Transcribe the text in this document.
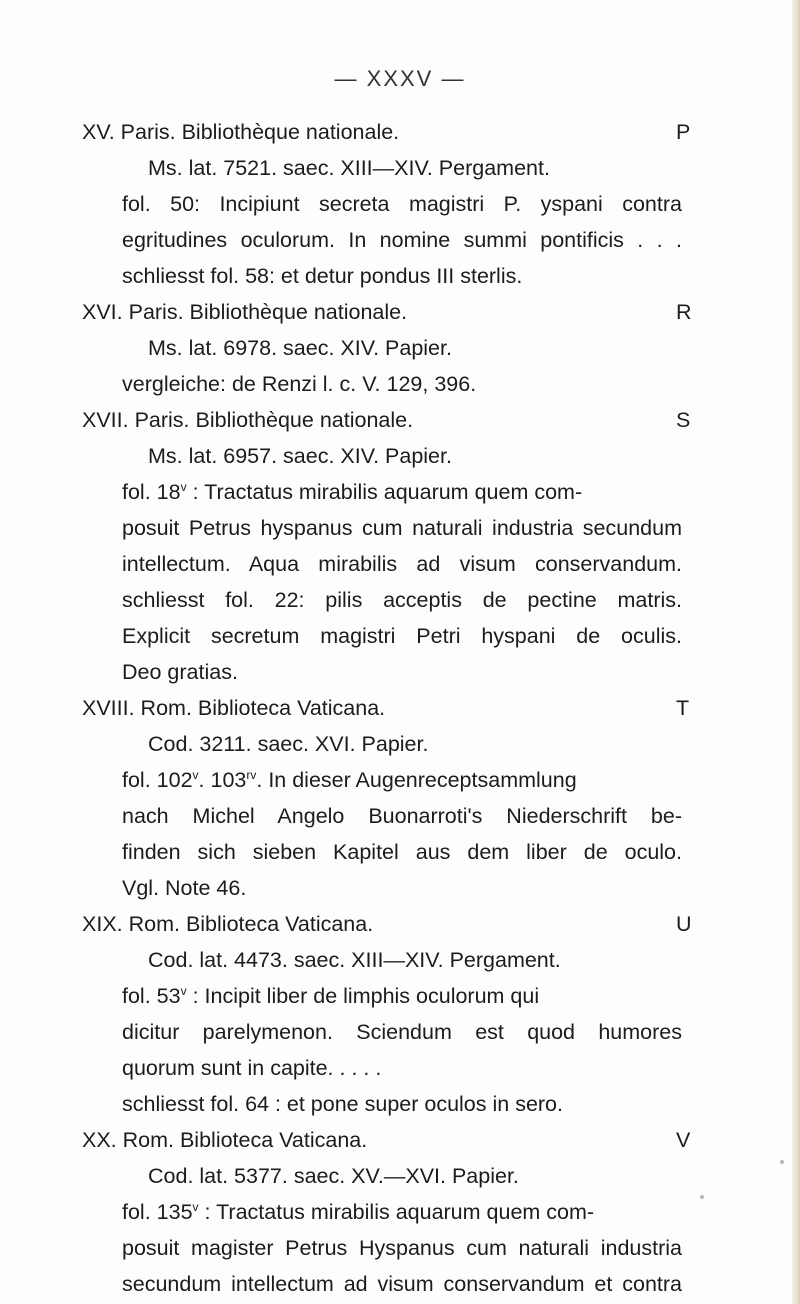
— XXXV —
XV. Paris. Bibliothèque nationale.	P
Ms. lat. 7521. saec. XIII—XIV. Pergament.
fol. 50: Incipiunt secreta magistri P. yspani contra
egritudines oculorum. In nomine summi pontificis . . .
schliesst fol. 58: et detur pondus III sterlis.
XVI. Paris. Bibliothèque nationale.	R
Ms. lat. 6978. saec. XIV. Papier.
vergleiche: de Renzi l. c. V. 129, 396.
XVII. Paris. Bibliothèque nationale.	S
Ms. lat. 6957. saec. XIV. Papier.
fol. 18$^v$ : Tractatus mirabilis aquarum quem com-
posuit Petrus hyspanus cum naturali industria secundum
intellectum. Aqua mirabilis ad visum conservandum.
schliesst fol. 22: pilis acceptis de pectine matris.
Explicit secretum magistri Petri hyspani de oculis.
Deo gratias.
XVIII. Rom. Biblioteca Vaticana.	T
Cod. 3211. saec. XVI. Papier.
fol. 102$^v$. $103^{rv}$. In dieser Augenreceptsammlung
nach Michel Angelo Buonarroti's Niederschrift be-
finden sich sieben Kapitel aus dem liber de oculo.
Vgl. Note 46.
XIX. Rom. Biblioteca Vaticana.	U
Cod. lat. 4473. saec. XIII—XIV. Pergament.
fol. 53$^v$ : Incipit liber de limphis oculorum qui
dicitur parelymenon. Sciendum est quod humores
quorum sunt in capite. . . . .
schliesst fol. 64 : et pone super oculos in sero.
XX. Rom. Biblioteca Vaticana.	V
Cod. lat. 5377. saec. XV.—XVI. Papier.
fol. 135$^v$ : Tractatus mirabilis aquarum quem com-
posuit magister Petrus Hyspanus cum naturali industria
secundum intellectum ad visum conservandum et contra
